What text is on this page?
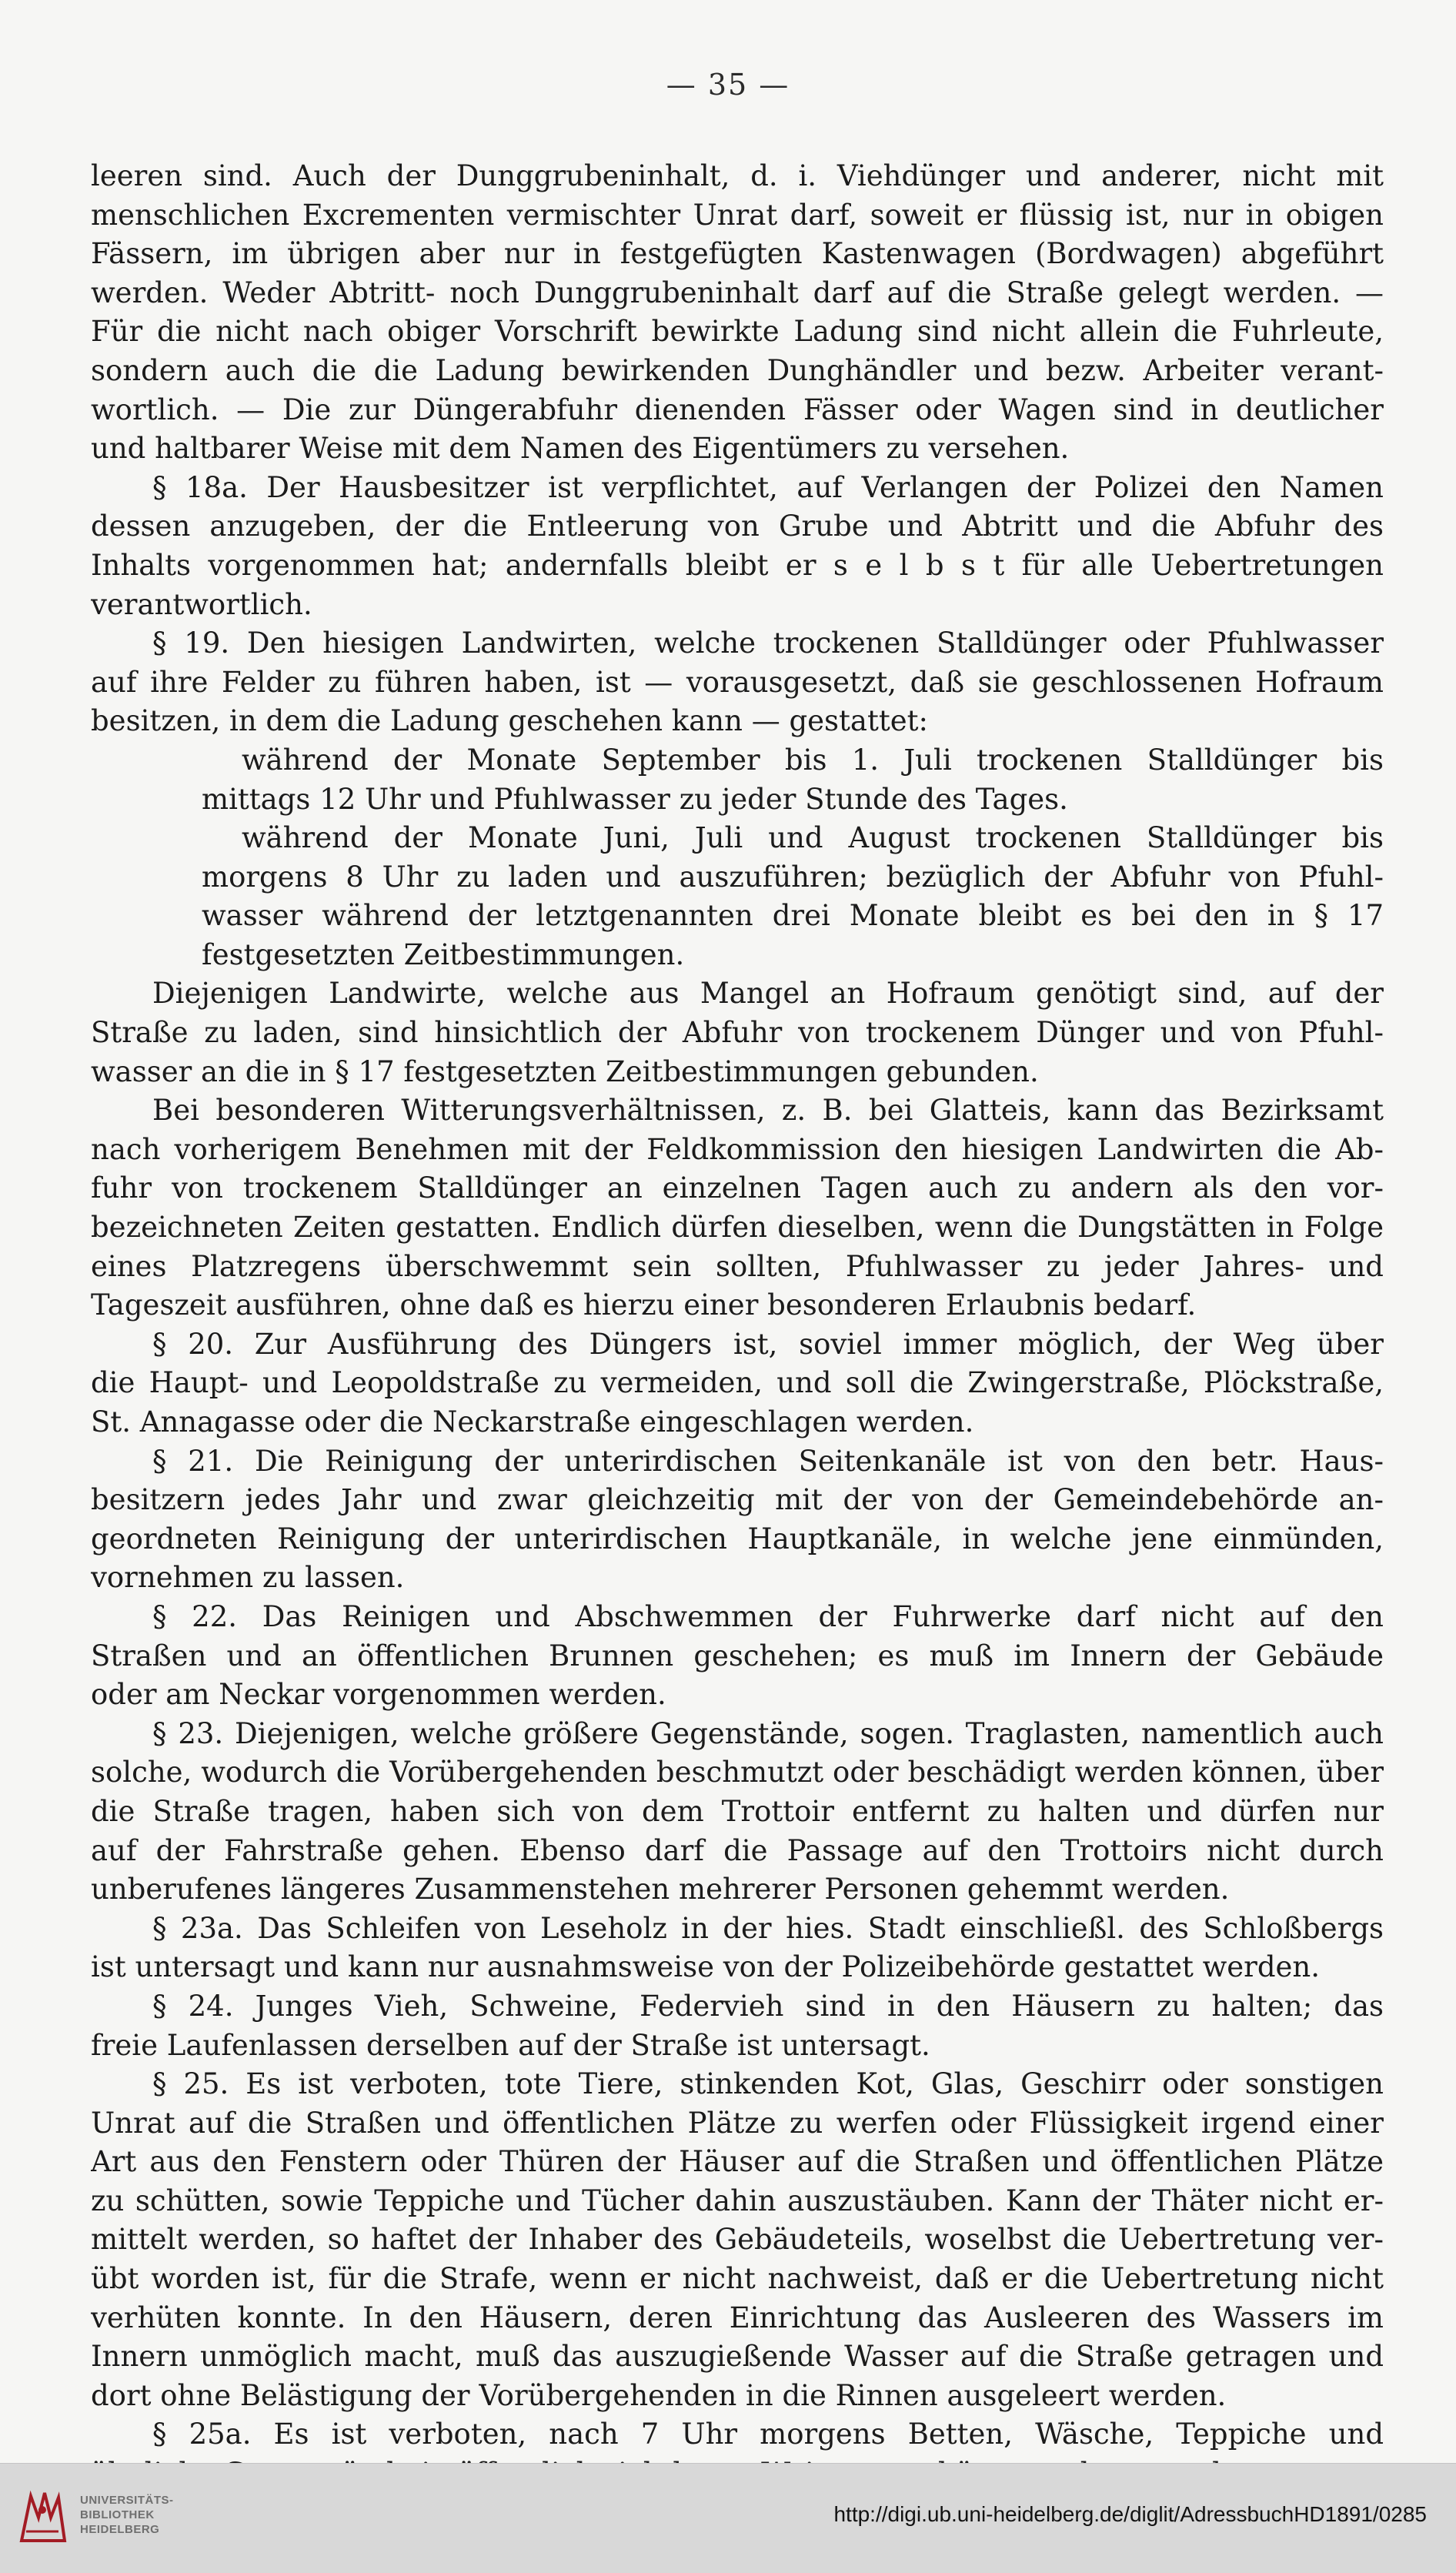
— 35 —
leeren sind. Auch der Dunggrubeninhalt, d. i. Viehdünger und anderer, nicht mit
menschlichen Excrementen vermischter Unrat darf, soweit er flüssig ist, nur in obigen
Fässern, im übrigen aber nur in festgefügten Kastenwagen (Bordwagen) abgeführt
werden. Weder Abtritt- noch Dunggrubeninhalt darf auf die Straße gelegt werden. —
Für die nicht nach obiger Vorschrift bewirkte Ladung sind nicht allein die Fuhrleute,
sondern auch die die Ladung bewirkenden Dunghändler und bezw. Arbeiter verant-
wortlich. — Die zur Düngerabfuhr dienenden Fässer oder Wagen sind in deutlicher
und haltbarer Weise mit dem Namen des Eigentümers zu versehen.
§ 18a. Der Hausbesitzer ist verpflichtet, auf Verlangen der Polizei den Namen
dessen anzugeben, der die Entleerung von Grube und Abtritt und die Abfuhr des
Inhalts vorgenommen hat; andernfalls bleibt er s e l b s t für alle Uebertretungen
verantwortlich.
§ 19. Den hiesigen Landwirten, welche trockenen Stalldünger oder Pfuhlwasser
auf ihre Felder zu führen haben, ist — vorausgesetzt, daß sie geschlossenen Hofraum
besitzen, in dem die Ladung geschehen kann — gestattet:
während der Monate September bis 1. Juli trockenen Stalldünger bis
mittags 12 Uhr und Pfuhlwasser zu jeder Stunde des Tages.
während der Monate Juni, Juli und August trockenen Stalldünger bis
morgens 8 Uhr zu laden und auszuführen; bezüglich der Abfuhr von Pfuhl-
wasser während der letztgenannten drei Monate bleibt es bei den in § 17
festgesetzten Zeitbestimmungen.
Diejenigen Landwirte, welche aus Mangel an Hofraum genötigt sind, auf der
Straße zu laden, sind hinsichtlich der Abfuhr von trockenem Dünger und von Pfuhl-
wasser an die in § 17 festgesetzten Zeitbestimmungen gebunden.
Bei besonderen Witterungsverhältnissen, z. B. bei Glatteis, kann das Bezirksamt
nach vorherigem Benehmen mit der Feldkommission den hiesigen Landwirten die Ab-
fuhr von trockenem Stalldünger an einzelnen Tagen auch zu andern als den vor-
bezeichneten Zeiten gestatten. Endlich dürfen dieselben, wenn die Dungstätten in Folge
eines Platzregens überschwemmt sein sollten, Pfuhlwasser zu jeder Jahres- und
Tageszeit ausführen, ohne daß es hierzu einer besonderen Erlaubnis bedarf.
§ 20. Zur Ausführung des Düngers ist, soviel immer möglich, der Weg über
die Haupt- und Leopoldstraße zu vermeiden, und soll die Zwingerstraße, Plöckstraße,
St. Annagasse oder die Neckarstraße eingeschlagen werden.
§ 21. Die Reinigung der unterirdischen Seitenkanäle ist von den betr. Haus-
besitzern jedes Jahr und zwar gleichzeitig mit der von der Gemeindebehörde an-
geordneten Reinigung der unterirdischen Hauptkanäle, in welche jene einmünden,
vornehmen zu lassen.
§ 22. Das Reinigen und Abschwemmen der Fuhrwerke darf nicht auf den
Straßen und an öffentlichen Brunnen geschehen; es muß im Innern der Gebäude
oder am Neckar vorgenommen werden.
§ 23. Diejenigen, welche größere Gegenstände, sogen. Traglasten, namentlich auch
solche, wodurch die Vorübergehenden beschmutzt oder beschädigt werden können, über
die Straße tragen, haben sich von dem Trottoir entfernt zu halten und dürfen nur
auf der Fahrstraße gehen. Ebenso darf die Passage auf den Trottoirs nicht durch
unberufenes längeres Zusammenstehen mehrerer Personen gehemmt werden.
§ 23a. Das Schleifen von Leseholz in der hies. Stadt einschließl. des Schloßbergs
ist untersagt und kann nur ausnahmsweise von der Polizeibehörde gestattet werden.
§ 24. Junges Vieh, Schweine, Federvieh sind in den Häusern zu halten; das
freie Laufenlassen derselben auf der Straße ist untersagt.
§ 25. Es ist verboten, tote Tiere, stinkenden Kot, Glas, Geschirr oder sonstigen
Unrat auf die Straßen und öffentlichen Plätze zu werfen oder Flüssigkeit irgend einer
Art aus den Fenstern oder Thüren der Häuser auf die Straßen und öffentlichen Plätze
zu schütten, sowie Teppiche und Tücher dahin auszustäuben. Kann der Thäter nicht er-
mittelt werden, so haftet der Inhaber des Gebäudeteils, woselbst die Uebertretung ver-
übt worden ist, für die Strafe, wenn er nicht nachweist, daß er die Uebertretung nicht
verhüten konnte. In den Häusern, deren Einrichtung das Ausleeren des Wassers im
Innern unmöglich macht, muß das auszugießende Wasser auf die Straße getragen und
dort ohne Belästigung der Vorübergehenden in die Rinnen ausgeleert werden.
§ 25a. Es ist verboten, nach 7 Uhr morgens Betten, Wäsche, Teppiche und
UNIVERSITÄTS-
BIBLIOTHEK
HEIDELBERG
http://digi.ub.uni-heidelberg.de/diglit/AdressbuchHD1891/0285
